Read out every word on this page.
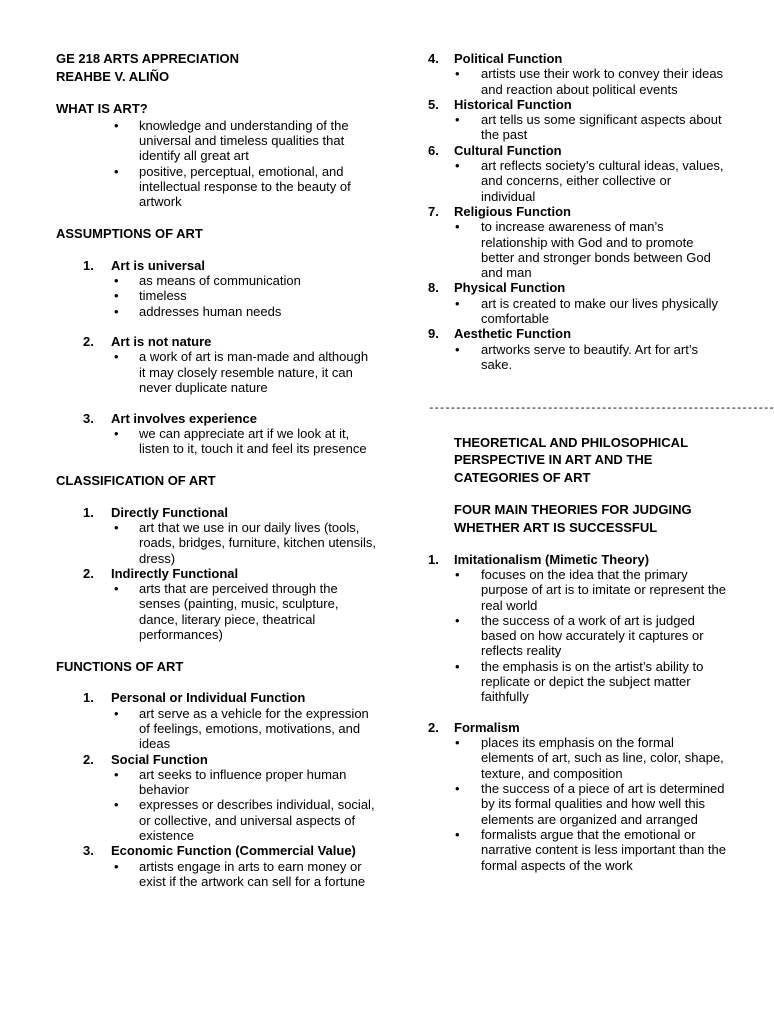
GE 218 ARTS APPRECIATION
REAHBE V. ALIÑO
WHAT IS ART?
• knowledge and understanding of the universal and timeless qualities that identify all great art
• positive, perceptual, emotional, and intellectual response to the beauty of artwork
ASSUMPTIONS OF ART
1. Art is universal
• as means of communication
• timeless
• addresses human needs
2. Art is not nature
• a work of art is man-made and although it may closely resemble nature, it can never duplicate nature
3. Art involves experience
• we can appreciate art if we look at it, listen to it, touch it and feel its presence
CLASSIFICATION OF ART
1. Directly Functional
• art that we use in our daily lives (tools, roads, bridges, furniture, kitchen utensils, dress)
2. Indirectly Functional
• arts that are perceived through the senses (painting, music, sculpture, dance, literary piece, theatrical performances)
FUNCTIONS OF ART
1. Personal or Individual Function
• art serve as a vehicle for the expression of feelings, emotions, motivations, and ideas
2. Social Function
• art seeks to influence proper human behavior
• expresses or describes individual, social, or collective, and universal aspects of existence
3. Economic Function (Commercial Value)
• artists engage in arts to earn money or exist if the artwork can sell for a fortune
4. Political Function
• artists use their work to convey their ideas and reaction about political events
5. Historical Function
• art tells us some significant aspects about the past
6. Cultural Function
• art reflects society’s cultural ideas, values, and concerns, either collective or individual
7. Religious Function
• to increase awareness of man’s relationship with God and to promote better and stronger bonds between God and man
8. Physical Function
• art is created to make our lives physically comfortable
9. Aesthetic Function
• artworks serve to beautify. Art for art’s sake.
----------------------------------------------------------------
THEORETICAL AND PHILOSOPHICAL PERSPECTIVE IN ART AND THE CATEGORIES OF ART
FOUR MAIN THEORIES FOR JUDGING WHETHER ART IS SUCCESSFUL
1. Imitationalism (Mimetic Theory)
• focuses on the idea that the primary purpose of art is to imitate or represent the real world
• the success of a work of art is judged based on how accurately it captures or reflects reality
• the emphasis is on the artist’s ability to replicate or depict the subject matter faithfully
2. Formalism
• places its emphasis on the formal elements of art, such as line, color, shape, texture, and composition
• the success of a piece of art is determined by its formal qualities and how well this elements are organized and arranged
• formalists argue that the emotional or narrative content is less important than the formal aspects of the work
